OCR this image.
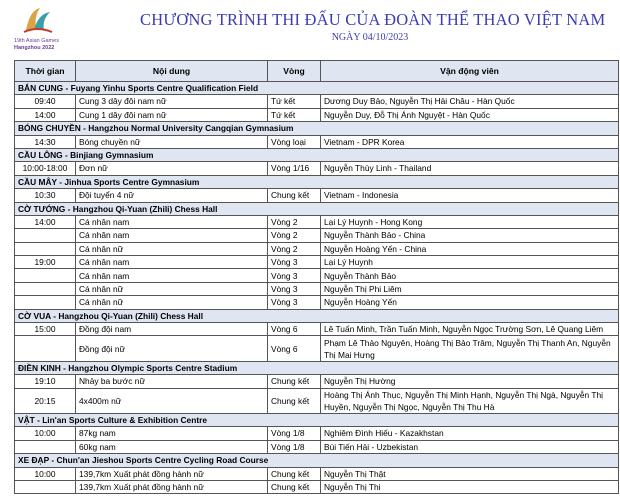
19th Asian Games
Hangzhou 2022
CHƯƠNG TRÌNH THI ĐẤU CỦA ĐOÀN THỂ THAO VIỆT NAM
NGÀY 04/10/2023
Thời gian	Nội dung	Vòng	Vận động viên
BẮN CUNG - Fuyang Yinhu Sports Centre Qualification Field			
09:40	Cung 3 dây đôi nam nữ	Tứ kết	Dương Duy Bảo, Nguyễn Thị Hải Châu - Hàn Quốc
14:00	Cung 1 dây đôi nam nữ	Tứ kết	Nguyễn Duy, Đỗ Thị Ánh Nguyệt - Hàn Quốc
BÓNG CHUYỀN - Hangzhou Normal University Cangqian Gymnasium			
14:30	Bóng chuyền nữ	Vòng loại	Vietnam - DPR Korea
CẦU LÔNG - Binjiang Gymnasium			
10:00-18:00	Đơn nữ	Vòng 1/16	Nguyễn Thùy Linh - Thailand
CẦU MÂY - Jinhua Sports Centre Gymnasium			
10:30	Đội tuyển 4 nữ	Chung kết	Vietnam - Indonesia
CỜ TƯỚNG - Hangzhou Qi-Yuan (Zhili) Chess Hall			
14:00	Cá nhân nam	Vòng 2	Lại Lý Huynh - Hong Kong
	Cá nhân nam	Vòng 2	Nguyễn Thành Bảo - China
	Cá nhân nữ	Vòng 2	Nguyễn Hoàng Yến - China
19:00	Cá nhân nam	Vòng 3	Lại Lý Huynh
	Cá nhân nam	Vòng 3	Nguyễn Thành Bảo
	Cá nhân nữ	Vòng 3	Nguyễn Thị Phi Liêm
	Cá nhân nữ	Vòng 3	Nguyễn Hoàng Yến
CỜ VUA - Hangzhou Qi-Yuan (Zhili) Chess Hall			
15:00	Đồng đội nam	Vòng 6	Lê Tuấn Minh, Trần Tuấn Minh, Nguyễn Ngọc Trường Sơn, Lê Quang Liêm
	Đồng đội nữ	Vòng 6	Phạm Lê Thảo Nguyên, Hoàng Thị Bảo Trâm, Nguyễn Thị Thanh An, Nguyễn Thị Mai Hưng
ĐIỀN KINH - Hangzhou Olympic Sports Centre Stadium			
19:10	Nhảy ba bước nữ	Chung kết	Nguyễn Thị Hường
20:15	4x400m nữ	Chung kết	Hoàng Thị Ánh Thục, Nguyễn Thị Minh Hạnh, Nguyễn Thị Ngà, Nguyễn Thị Huyền, Nguyễn Thị Ngọc, Nguyễn Thị Thu Hà
VẬT - Lin'an Sports Culture & Exhibition Centre			
10:00	87kg nam	Vòng 1/8	Nghiêm Đình Hiếu - Kazakhstan
	60kg nam	Vòng 1/8	Bùi Tiến Hải - Uzbekistan
XE ĐẠP - Chun'an Jieshou Sports Centre Cycling Road Course			
10:00	139,7km Xuất phát đồng hành nữ	Chung kết	Nguyễn Thị Thật
	139,7km Xuất phát đồng hành nữ	Chung kết	Nguyễn Thị Thi
